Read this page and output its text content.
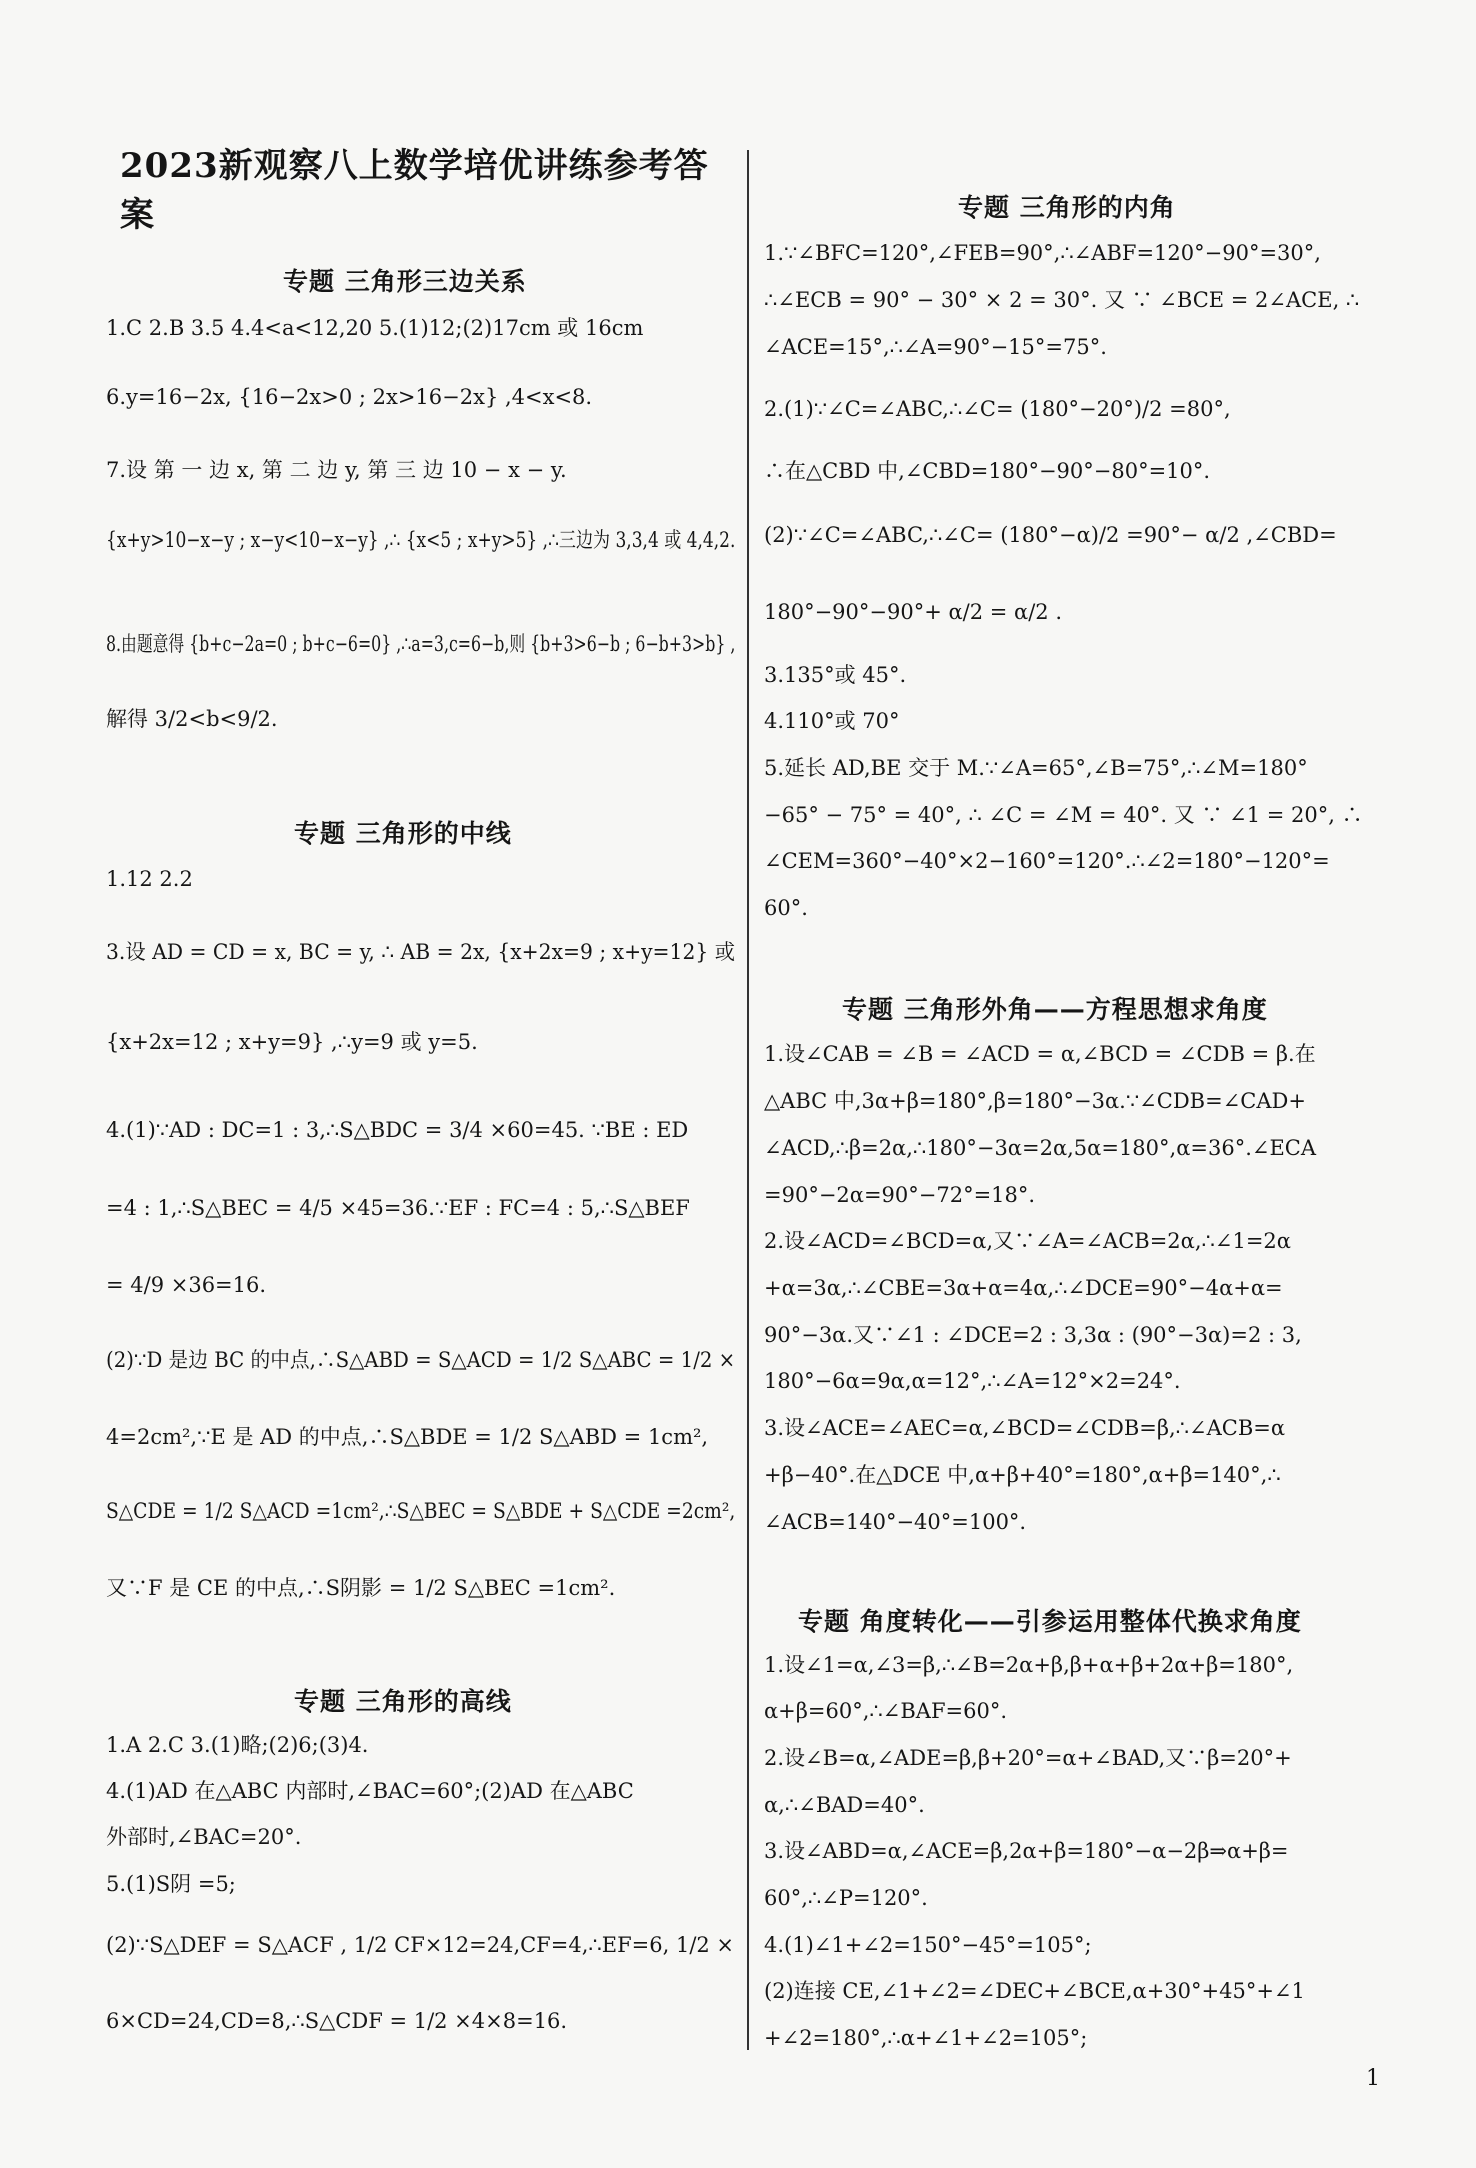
2023新观察八上数学培优讲练参考答案
专题 三角形三边关系
1.C 2.B 3.5 4.4<a<12,20 5.(1)12;(2)17cm 或 16cm
6.y=16−2x, {16−2x>0 ; 2x>16−2x} ,4<x<8.
7.设 第 一 边 x, 第 二 边 y, 第 三 边 10 − x − y.
{x+y>10−x−y ; x−y<10−x−y} ,∴ {x<5 ; x+y>5} ,∴三边为 3,3,4 或 4,4,2.
8.由题意得 {b+c−2a=0 ; b+c−6=0} ,∴a=3,c=6−b,则 {b+3>6−b ; 6−b+3>b} ,
解得 3/2<b<9/2.
专题 三角形的中线
1.12 2.2
3.设 AD = CD = x, BC = y, ∴ AB = 2x, {x+2x=9 ; x+y=12} 或
{x+2x=12 ; x+y=9} ,∴y=9 或 y=5.
4.(1)∵AD : DC=1 : 3,∴S△BDC = 3/4 ×60=45. ∵BE : ED
=4 : 1,∴S△BEC = 4/5 ×45=36.∵EF : FC=4 : 5,∴S△BEF
= 4/9 ×36=16.
(2)∵D 是边 BC 的中点,∴S△ABD = S△ACD = 1/2 S△ABC = 1/2 ×
4=2cm²,∵E 是 AD 的中点,∴S△BDE = 1/2 S△ABD = 1cm²,
S△CDE = 1/2 S△ACD =1cm²,∴S△BEC = S△BDE + S△CDE =2cm²,
又∵F 是 CE 的中点,∴S阴影 = 1/2 S△BEC =1cm².
专题 三角形的高线
1.A 2.C 3.(1)略;(2)6;(3)4.
4.(1)AD 在△ABC 内部时,∠BAC=60°;(2)AD 在△ABC
外部时,∠BAC=20°.
5.(1)S阴 =5;
(2)∵S△DEF = S△ACF , 1/2 CF×12=24,CF=4,∴EF=6, 1/2 ×
6×CD=24,CD=8,∴S△CDF = 1/2 ×4×8=16.
专题 三角形的内角
1.∵∠BFC=120°,∠FEB=90°,∴∠ABF=120°−90°=30°,
∴∠ECB = 90° − 30° × 2 = 30°. 又 ∵ ∠BCE = 2∠ACE, ∴
∠ACE=15°,∴∠A=90°−15°=75°.
2.(1)∵∠C=∠ABC,∴∠C= (180°−20°)/2 =80°,
∴在△CBD 中,∠CBD=180°−90°−80°=10°.
(2)∵∠C=∠ABC,∴∠C= (180°−α)/2 =90°− α/2 ,∠CBD=
180°−90°−90°+ α/2 = α/2 .
3.135°或 45°.
4.110°或 70°
5.延长 AD,BE 交于 M.∵∠A=65°,∠B=75°,∴∠M=180°
−65° − 75° = 40°, ∴ ∠C = ∠M = 40°. 又 ∵ ∠1 = 20°, ∴
∠CEM=360°−40°×2−160°=120°.∴∠2=180°−120°=
60°.
专题 三角形外角——方程思想求角度
1.设∠CAB = ∠B = ∠ACD = α,∠BCD = ∠CDB = β.在
△ABC 中,3α+β=180°,β=180°−3α.∵∠CDB=∠CAD+
∠ACD,∴β=2α,∴180°−3α=2α,5α=180°,α=36°.∠ECA
=90°−2α=90°−72°=18°.
2.设∠ACD=∠BCD=α,又∵∠A=∠ACB=2α,∴∠1=2α
+α=3α,∴∠CBE=3α+α=4α,∴∠DCE=90°−4α+α=
90°−3α.又∵∠1 : ∠DCE=2 : 3,3α : (90°−3α)=2 : 3,
180°−6α=9α,α=12°,∴∠A=12°×2=24°.
3.设∠ACE=∠AEC=α,∠BCD=∠CDB=β,∴∠ACB=α
+β−40°.在△DCE 中,α+β+40°=180°,α+β=140°,∴
∠ACB=140°−40°=100°.
专题 角度转化——引参运用整体代换求角度
1.设∠1=α,∠3=β,∴∠B=2α+β,β+α+β+2α+β=180°,
α+β=60°,∴∠BAF=60°.
2.设∠B=α,∠ADE=β,β+20°=α+∠BAD,又∵β=20°+
α,∴∠BAD=40°.
3.设∠ABD=α,∠ACE=β,2α+β=180°−α−2β⇒α+β=
60°,∴∠P=120°.
4.(1)∠1+∠2=150°−45°=105°;
(2)连接 CE,∠1+∠2=∠DEC+∠BCE,α+30°+45°+∠1
+∠2=180°,∴α+∠1+∠2=105°;
1
